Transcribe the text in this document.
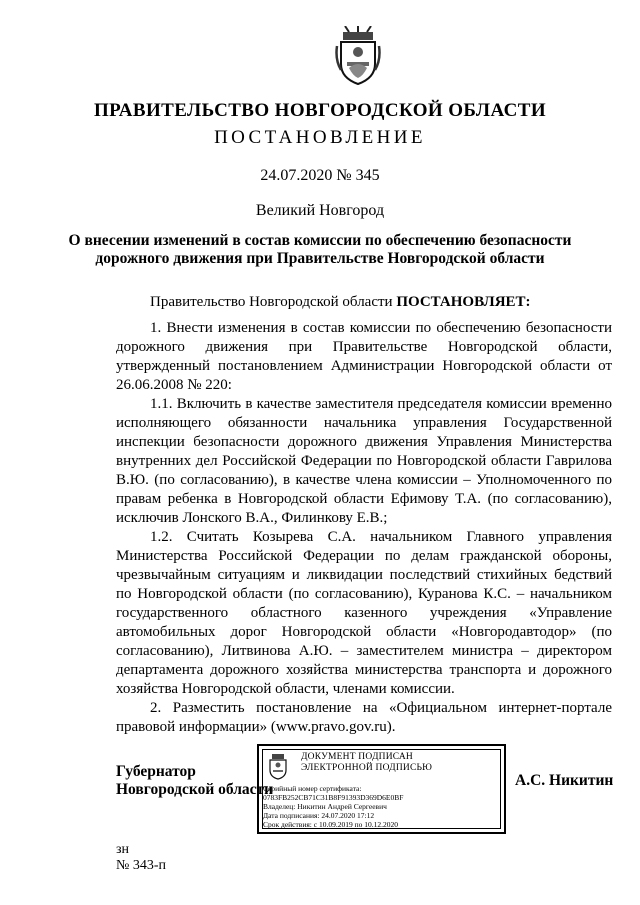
ПРАВИТЕЛЬСТВО НОВГОРОДСКОЙ ОБЛАСТИ
ПОСТАНОВЛЕНИЕ
24.07.2020 № 345
Великий Новгород
О внесении изменений в состав комиссии по обеспечению безопасности
дорожного движения при Правительстве Новгородской области
Правительство Новгородской области ПОСТАНОВЛЯЕТ:

1. Внести изменения в состав комиссии по обеспечению безопасности дорожного движения при Правительстве Новгородской области, утвержденный постановлением Администрации Новгородской области от 26.06.2008 № 220:

1.1. Включить в качестве заместителя председателя комиссии временно исполняющего обязанности начальника управления Государственной инспекции безопасности дорожного движения Управления Министерства внутренних дел Российской Федерации по Новгородской области Гаврилова В.Ю. (по согласованию), в качестве члена комиссии – Уполномоченного по правам ребенка в Новгородской области Ефимову Т.А. (по согласованию), исключив Лонского В.А., Филинкову Е.В.;

1.2. Считать Козырева С.А. начальником Главного управления Министерства Российской Федерации по делам гражданской обороны, чрезвычайным ситуациям и ликвидации последствий стихийных бедствий по Новгородской области (по согласованию), Куранова К.С. – начальником государственного областного казенного учреждения «Управление автомобильных дорог Новгородской области «Новгородавтодор» (по согласованию), Литвинова А.Ю. – заместителем министра – директором департамента дорожного хозяйства министерства транспорта и дорожного хозяйства Новгородской области, членами комиссии.

2. Разместить постановление на «Официальном интернет-портале правовой информации» (www.pravo.gov.ru).

Губернатор
Новгородской области
ДОКУМЕНТ ПОДПИСАН
ЭЛЕКТРОННОЙ ПОДПИСЬЮ
Серийный номер сертификата:
0783FB252CB71C31B8F91393D369D6E0BF
Владелец: Никитин Андрей Сергеевич
Дата подписания: 24.07.2020 17:12
Срок действия: с 10.09.2019 по 10.12.2020
А.С. Никитин
зн
№ 343-п
